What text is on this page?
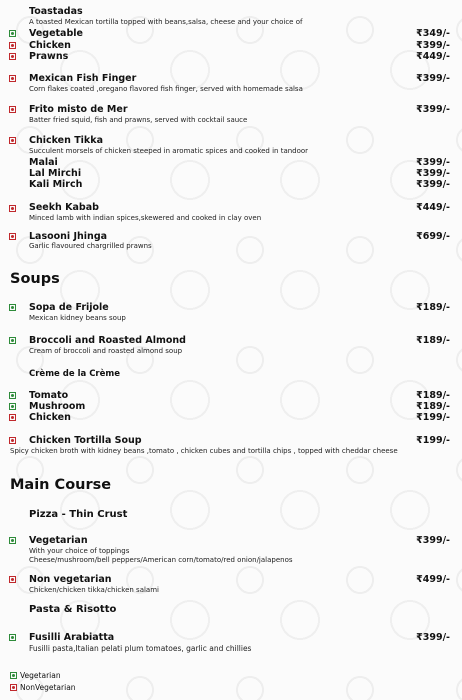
Toastadas
A toasted Mexican tortilla topped with beans,salsa, cheese and your choice of
Vegetable	₹349/-
Chicken	₹399/-
Prawns	₹449/-
Mexican Fish Finger	₹399/-
Corn flakes coated ,oregano flavored fish finger, served with homemade salsa
Frito misto de Mer	₹399/-
Batter fried squid, fish and prawns, served with cocktail sauce
Chicken Tikka
Succulent morsels of chicken steeped in aromatic spices and cooked in tandoor
Malai	₹399/-
Lal Mirchi	₹399/-
Kali Mirch	₹399/-
Seekh Kabab	₹449/-
Minced lamb with indian spices,skewered and cooked in clay oven
Lasooni Jhinga	₹699/-
Garlic flavoured chargrilled prawns
Soups
Sopa de Frijole	₹189/-
Mexican kidney beans soup
Broccoli and Roasted Almond	₹189/-
Cream of broccoli and roasted almond soup
Crème de la Crème
Tomato	₹189/-
Mushroom	₹189/-
Chicken	₹199/-
Chicken Tortilla Soup	₹199/-
Spicy chicken broth with kidney beans ,tomato , chicken cubes and tortilla chips , topped with cheddar cheese
Main Course
Pizza - Thin Crust
Vegetarian	₹399/-
With your choice of toppings
Cheese/mushroom/bell peppers/American corn/tomato/red onion/jalapenos
Non vegetarian	₹499/-
Chicken/chicken tikka/chicken salami
Pasta & Risotto
Fusilli Arabiatta	₹399/-
Fusilli pasta,Italian pelati plum tomatoes, garlic and chillies
Vegetarian
NonVegetarian
